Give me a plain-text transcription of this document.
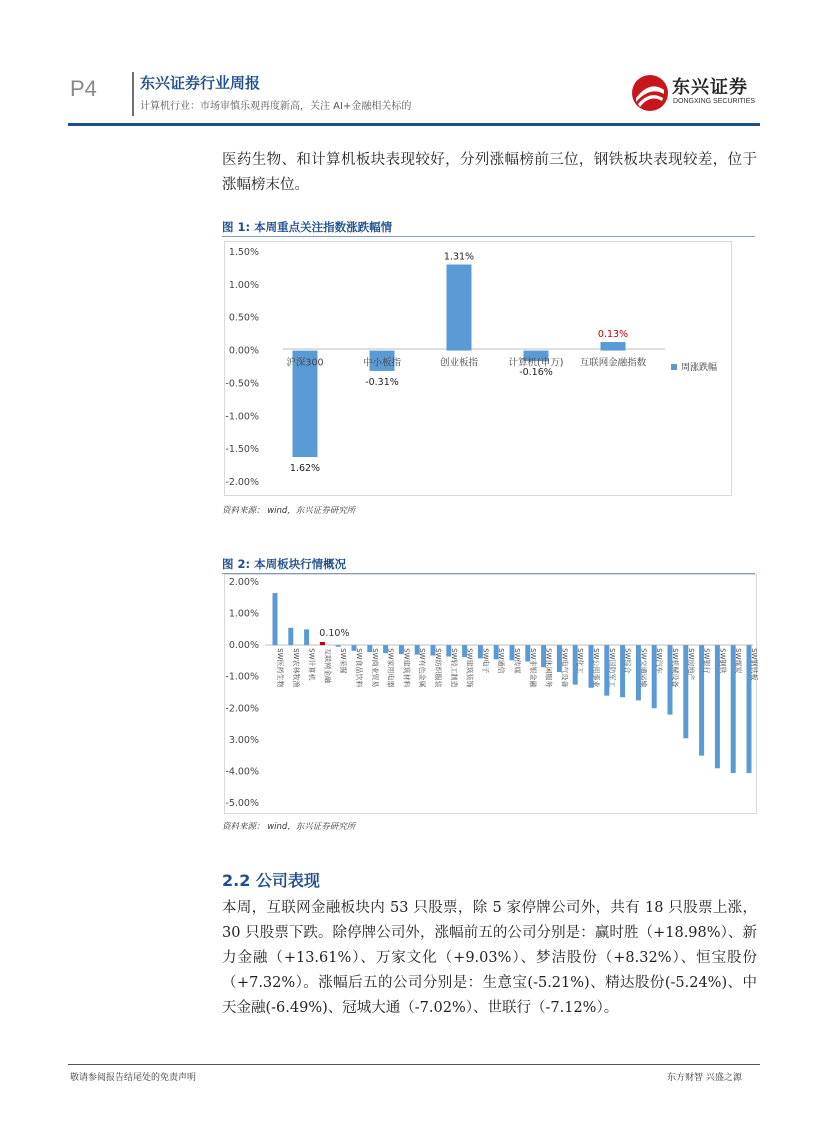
P4	东兴证券行业周报
计算机行业：市场审慎乐观再度新高，关注 AI+金融相关标的
东兴证券
DONGXING SECURITIES
医药生物、和计算机板块表现较好，分列涨幅榜前三位，钢铁板块表现较差，位于涨幅榜末位。
图 1: 本周重点关注指数涨跌幅情
1.50%
1.00%
0.50%
0.00%
-0.50%
-1.00%
-1.50%
-2.00%
沪深300	中小板指	创业板指	计算机(申万) 互联网金融指数
1.62%
-0.31%
1.31%
-0.16%
0.13%
周涨跌幅
资料来源： wind，东兴证券研究所
图 2: 本周板块行情概况
2.00%
1.00%
0.00%
-1.00%
-2.00%
3.00%
-4.00%
-5.00%
SW医药生物 SW农林牧渔 SW计算机 互联网金融 SW采掘 SW食品饮料 SW商业贸易 SW家用电器 SW建筑材料 SW有色金属 SW纺织服装 SW轻工制造 SW建筑装饰 SW电子 SW通信 SW传媒 SW非银金融 SW休闲服务 SW电气设备 SW化工 SW公用事业 SW国防军工 SW综合 SW交通运输 SW汽车 SW机械设备 SW房地产 SW银行 SW钢铁 SW煤炭 SW钢铁板
0.10%
资料来源： wind，东兴证券研究所
2.2 公司表现
本周，互联网金融板块内 53 只股票，除 5 家停牌公司外，共有 18 只股票上涨，30 只股票下跌。除停牌公司外，涨幅前五的公司分别是：赢时胜（+18.98%）、新力金融（+13.61%）、万家文化（+9.03%）、梦洁股份（+8.32%）、恒宝股份（+7.32%）。涨幅后五的公司分别是：生意宝(-5.21%)、精达股份(-5.24%)、中天金融(-6.49%)、冠城大通（-7.02%）、世联行（-7.12%）。
敬请参阅报告结尾处的免责声明	东方财智 兴盛之源
